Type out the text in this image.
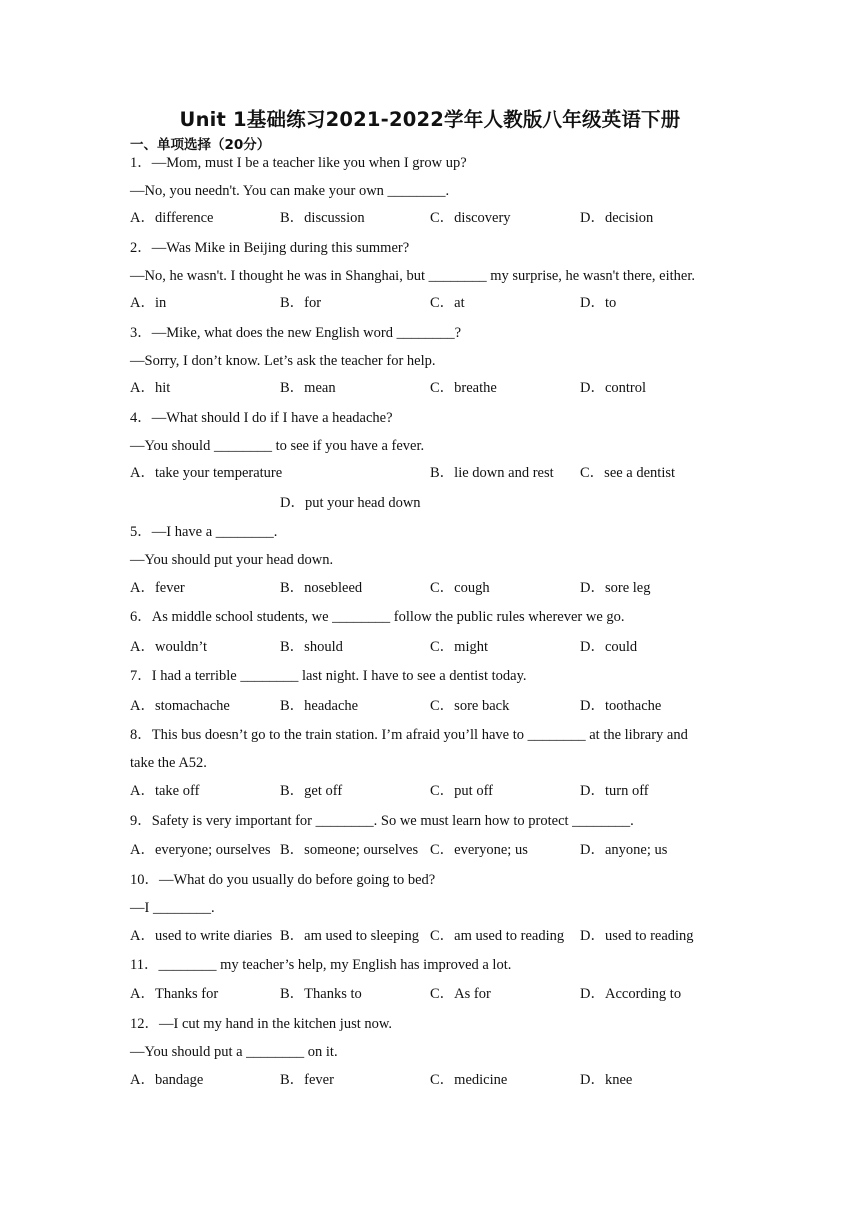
Unit 1基础练习2021-2022学年人教版八年级英语下册
一、单项选择（20分）
1．—Mom, must I be a teacher like you when I grow up?
—No, you needn't. You can make your own ________.
A．difference	B．discussion	C．discovery	D．decision
2．—Was Mike in Beijing during this summer?
—No, he wasn't. I thought he was in Shanghai, but ________ my surprise, he wasn't there, either.
A．in	B．for	C．at	D．to
3．—Mike, what does the new English word ________?
—Sorry, I don’t know. Let’s ask the teacher for help.
A．hit	B．mean	C．breathe	D．control
4．—What should I do if I have a headache?
—You should ________ to see if you have a fever.
A．take your temperature	B．lie down and rest C．see a dentist
D．put your head down
5．—I have a ________.
—You should put your head down.
A．fever	B．nosebleed	C．cough	D．sore leg
6．As middle school students, we ________ follow the public rules wherever we go.
A．wouldn’t	B．should	C．might	D．could
7．I had a terrible ________ last night. I have to see a dentist today.
A．stomachache	B．headache	C．sore back	D．toothache
8．This bus doesn’t go to the train station. I’m afraid you’ll have to ________ at the library and
take the A52.
A．take off	B．get off	C．put off	D．turn off
9．Safety is very important for ________. So we must learn how to protect ________.
A．everyone; ourselves B．someone; ourselves C．everyone; us	D．anyone; us
10．—What do you usually do before going to bed?
—I ________.
A．used to write diaries B．am used to sleeping C．am used to reading D．used to reading
11．________ my teacher’s help, my English has improved a lot.
A．Thanks for	B．Thanks to	C．As for	D．According to
12．—I cut my hand in the kitchen just now.
—You should put a ________ on it.
A．bandage	B．fever	C．medicine	D．knee
